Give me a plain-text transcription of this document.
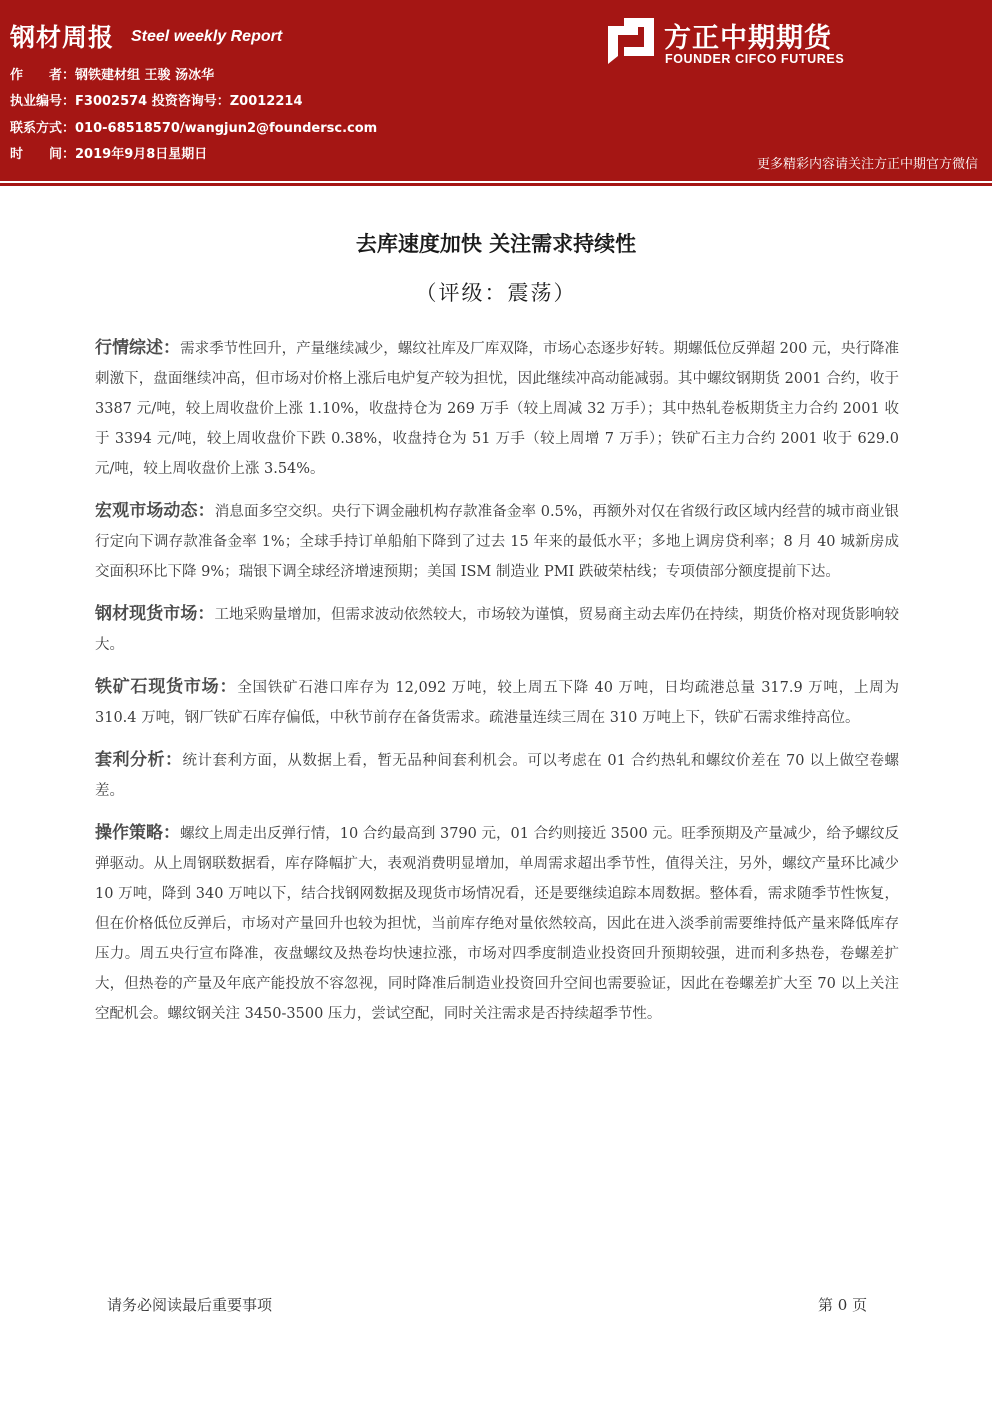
钢材周报 Steel weekly Report
作　　者：钢铁建材组 王骏 汤冰华
执业编号：F3002574 投资咨询号：Z0012214
联系方式：010-68518570/wangjun2@foundersc.com
时　　间：2019年9月8日星期日
方正中期期货
FOUNDER CIFCO FUTURES
更多精彩内容请关注方正中期官方微信
去库速度加快 关注需求持续性
（评级：震荡）

行情综述：需求季节性回升，产量继续减少，螺纹社库及厂库双降，市场心态逐步好转。期螺低位反弹超 200 元，央行降准刺激下，盘面继续冲高，但市场对价格上涨后电炉复产较为担忧，因此继续冲高动能减弱。其中螺纹钢期货 2001 合约，收于 3387 元/吨，较上周收盘价上涨 1.10%，收盘持仓为 269 万手（较上周减 32 万手）；其中热轧卷板期货主力合约 2001 收于 3394 元/吨，较上周收盘价下跌 0.38%，收盘持仓为 51 万手（较上周增 7 万手）；铁矿石主力合约 2001 收于 629.0 元/吨，较上周收盘价上涨 3.54%。

宏观市场动态：消息面多空交织。央行下调金融机构存款准备金率 0.5%，再额外对仅在省级行政区域内经营的城市商业银行定向下调存款准备金率 1%；全球手持订单船舶下降到了过去 15 年来的最低水平；多地上调房贷利率；8 月 40 城新房成交面积环比下降 9%；瑞银下调全球经济增速预期；美国 ISM 制造业 PMI 跌破荣枯线；专项债部分额度提前下达。

钢材现货市场：工地采购量增加，但需求波动依然较大，市场较为谨慎，贸易商主动去库仍在持续，期货价格对现货影响较大。

铁矿石现货市场：全国铁矿石港口库存为 12,092 万吨，较上周五下降 40 万吨，日均疏港总量 317.9 万吨，上周为 310.4 万吨，钢厂铁矿石库存偏低，中秋节前存在备货需求。疏港量连续三周在 310 万吨上下，铁矿石需求维持高位。

套利分析：统计套利方面，从数据上看，暂无品种间套利机会。可以考虑在 01 合约热轧和螺纹价差在 70 以上做空卷螺差。

操作策略：螺纹上周走出反弹行情，10 合约最高到 3790 元，01 合约则接近 3500 元。旺季预期及产量减少，给予螺纹反弹驱动。从上周钢联数据看，库存降幅扩大，表观消费明显增加，单周需求超出季节性，值得关注，另外，螺纹产量环比减少 10 万吨，降到 340 万吨以下，结合找钢网数据及现货市场情况看，还是要继续追踪本周数据。整体看，需求随季节性恢复，但在价格低位反弹后，市场对产量回升也较为担忧，当前库存绝对量依然较高，因此在进入淡季前需要维持低产量来降低库存压力。周五央行宣布降准，夜盘螺纹及热卷均快速拉涨，市场对四季度制造业投资回升预期较强，进而利多热卷，卷螺差扩大，但热卷的产量及年底产能投放不容忽视，同时降准后制造业投资回升空间也需要验证，因此在卷螺差扩大至 70 以上关注空配机会。螺纹钢关注 3450-3500 压力，尝试空配，同时关注需求是否持续超季节性。

请务必阅读最后重要事项	第 0 页
